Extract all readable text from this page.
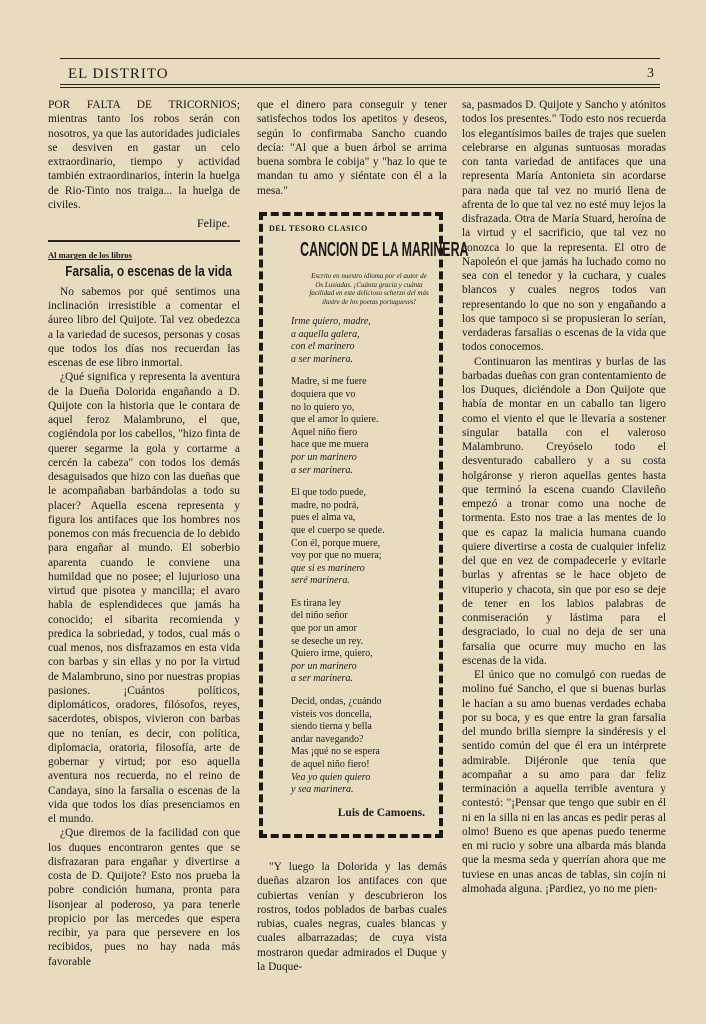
EL DISTRITO	3

POR FALTA DE TRICORNIOS; mientras tanto los robos serán con nosotros, ya que las autoridades judiciales se desviven en gastar un celo extraordinario, tiempo y actividad también extraordinarios, ínterin la huelga de Rio-Tinto nos traiga... la huelga de civiles.

Felipe.
Al margen de los libros
Farsalia, o escenas de la vida

No sabemos por qué sentimos una inclinación irresistible a comentar el áureo libro del Quijote. Tal vez obedezca a la variedad de sucesos, personas y cosas que todos los días nos recuerdan las escenas de ese libro inmortal.

¿Qué significa y representa la aventura de la Dueña Dolorida engañando a D. Quijote con la historia que le contara de aquel feroz Malambruno, el que, cogiéndola por los cabellos, "hizo finta de querer segarme la gola y cortarme a cercén la cabeza" con todos los demás desaguisados que hizo con las dueñas que le acompañaban barbándolas a todo su placer? Aquella escena representa y figura los antifaces que los hombres nos ponemos con más frecuencia de lo debido para engañar al mundo. El soberbio aparenta cuando le conviene una humildad que no posee; el lujurioso una virtud que pisotea y mancilla; el avaro habla de esplendideces que jamás ha conocido; el sibarita recomienda y predica la sobriedad, y todos, cual más o cual menos, nos disfrazamos en esta vida con barbas y sin ellas y no por la virtud de Malambruno, sino por nuestras propias pasiones. ¡Cuántos políticos, diplomáticos, oradores, filósofos, reyes, sacerdotes, obispos, vivieron con barbas que no tenían, es decir, con política, diplomacia, oratoria, filosofía, arte de gobernar y virtud; por eso aquella aventura nos recuerda, no el reino de Candaya, sino la farsalia o escenas de la vida que todos los días presenciamos en el mundo.

¿Que diremos de la facilidad con que los duques encontraron gentes que se disfrazaran para engañar y divertirse a costa de D. Quijote? Esto nos prueba la pobre condición humana, pronta para lisonjear al poderoso, ya para tenerle propicio por las mercedes que espera recibir, ya para que persevere en los recibidos, pues no hay nada más favorable

que el dinero para conseguir y tener satisfechos todos los apetitos y deseos, según lo confirmaba Sancho cuando decía: "Al que a buen árbol se arrima buena sombra le cobija" y "haz lo que te mandan tu amo y siéntate con él a la mesa."

DEL TESORO CLASICO
CANCION DE LA MARINERA
Escrito en nuestro idioma por el autor de Os Lusiadas. ¡Cuánta gracia y cuánta facilidad en este delicioso scherzo del más ilustre de los poetas portugueses!
Irme quiero, madre,
a aquella galera,
con el marinero
a ser marinera.
Madre, si me fuere
doquiera que vo
no lo quiero yo,
que el amor lo quiere.
Aquel niño fiero
hace que me muera
por un marinero
a ser marinera.
El que todo puede,
madre, no podrá,
pues el alma va,
que el cuerpo se quede.
Con él, porque muere,
voy por que no muera;
que si es marinero
seré marinera.
Es tirana ley
del niño señor
que por un amor
se deseche un rey.
Quiero irme, quiero,
por un marinero
a ser marinera.
Decid, ondas, ¿cuándo
visteis vos doncella,
siendo tierna y bella
andar navegando?
Mas ¡qué no se espera
de aquel niño fiero!
Vea yo quien quiero
y sea marinera.
Luis de Camoens.

"Y luego la Dolorida y las demás dueñas alzaron los antifaces con que cubiertas venían y descubrieron los rostros, todos poblados de barbas cuales rubias, cuales negras, cuales blancas y cuales albarrazadas; de cuya vista mostraron quedar admirados el Duque y la Duque-

sa, pasmados D. Quijote y Sancho y atónitos todos los presentes." Todo esto nos recuerda los elegantísimos bailes de trajes que suelen celebrarse en algunas suntuosas moradas con tanta variedad de antifaces que una representa María Antonieta sin acordarse para nada que tal vez no murió llena de afrenta de lo que tal vez no esté muy lejos la disfrazada. Otra de María Stuard, heroína de la virtud y el sacrificio, que tal vez no conozca lo que la representa. El otro de Napoleón el que jamás ha luchado como no sea con el tenedor y la cuchara, y cuales blancos y cuales negros todos van representando lo que no son y engañando a los que tampoco si se propusieran lo serían, verdaderas farsalias o escenas de la vida que todos conocemos.

Continuaron las mentiras y burlas de las barbadas dueñas con gran contentamiento de los Duques, diciéndole a Don Quijote que había de montar en un caballo tan ligero como el viento el que le llevaría a sostener singular batalla con el valeroso Malambruno. Creyóselo todo el desventurado caballero y a su costa holgáronse y rieron aquellas gentes hasta que terminó la escena cuando Clavileño empezó a tronar como una noche de tormenta. Esto nos trae a las mentes de lo que es capaz la malicia humana cuando quiere divertirse a costa de cualquier infeliz del que en vez de compadecerle y evitarle burlas y afrentas se le hace objeto de vituperio y chacota, sin que por eso se deje de tener en los labios palabras de conmiseración y lástima para el desgraciado, lo cual no deja de ser una farsalia que ocurre muy mucho en las escenas de la vida.

El único que no comulgó con ruedas de molino fué Sancho, el que si buenas burlas le hacían a su amo buenas verdades echaba por su boca, y es que entre la gran farsalia del mundo brilla siempre la sindéresis y el sentido común del que él era un intérprete admirable. Dijéronle que tenía que acompañar a su amo para dar feliz terminación a aquella terrible aventura y contestó: "¡Pensar que tengo que subir en él ni en la silla ni en las ancas es pedir peras al olmo! Bueno es que apenas puedo tenerme en mi rucio y sobre una albarda más blanda que la mesma seda y querrían ahora que me tuviese en unas ancas de tablas, sin cojín ni almohada alguna. ¡Pardiez, yo no me pien-
